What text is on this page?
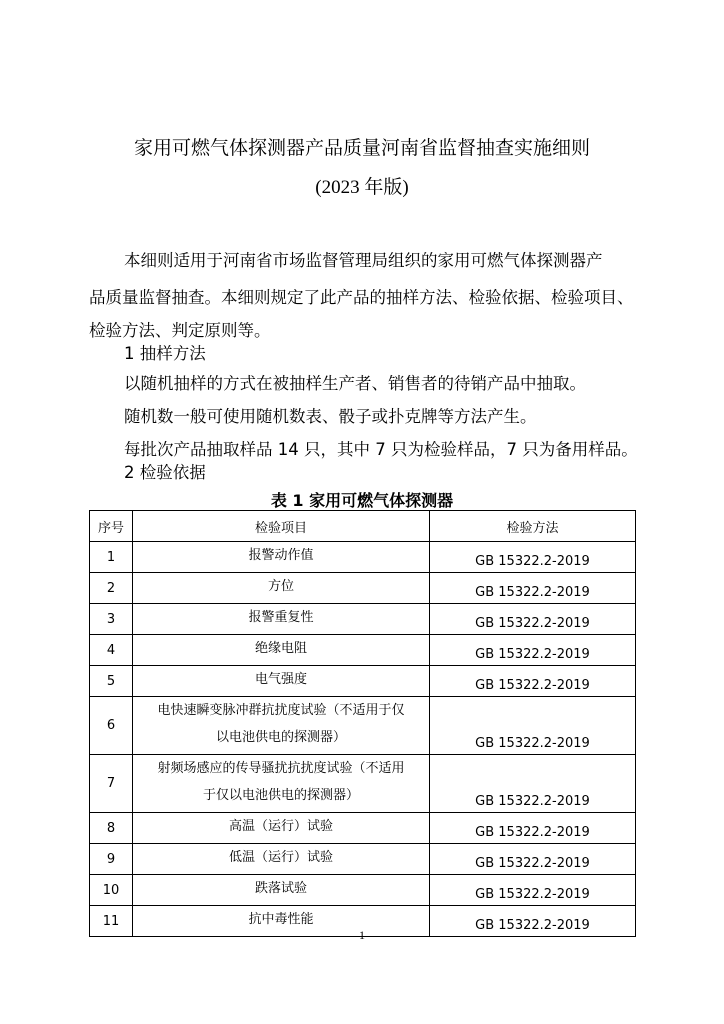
家用可燃气体探测器产品质量河南省监督抽查实施细则
(2023 年版)
本细则适用于河南省市场监督管理局组织的家用可燃气体探测器产
品质量监督抽查。本细则规定了此产品的抽样方法、检验依据、检验项目、
检验方法、判定原则等。
1 抽样方法
以随机抽样的方式在被抽样生产者、销售者的待销产品中抽取。
随机数一般可使用随机数表、骰子或扑克牌等方法产生。
每批次产品抽取样品 14 只，其中 7 只为检验样品，7 只为备用样品。
2 检验依据
表 1 家用可燃气体探测器
序号	检验项目	检验方法
1	报警动作值	GB 15322.2-2019
2	方位	GB 15322.2-2019
3	报警重复性	GB 15322.2-2019
4	绝缘电阻	GB 15322.2-2019
5	电气强度	GB 15322.2-2019
6	电快速瞬变脉冲群抗扰度试验（不适用于仅
以电池供电的探测器）	GB 15322.2-2019
7	射频场感应的传导骚扰抗扰度试验（不适用
于仅以电池供电的探测器）	GB 15322.2-2019
8	高温（运行）试验	GB 15322.2-2019
9	低温（运行）试验	GB 15322.2-2019
10	跌落试验	GB 15322.2-2019
11	抗中毒性能	GB 15322.2-2019
1
